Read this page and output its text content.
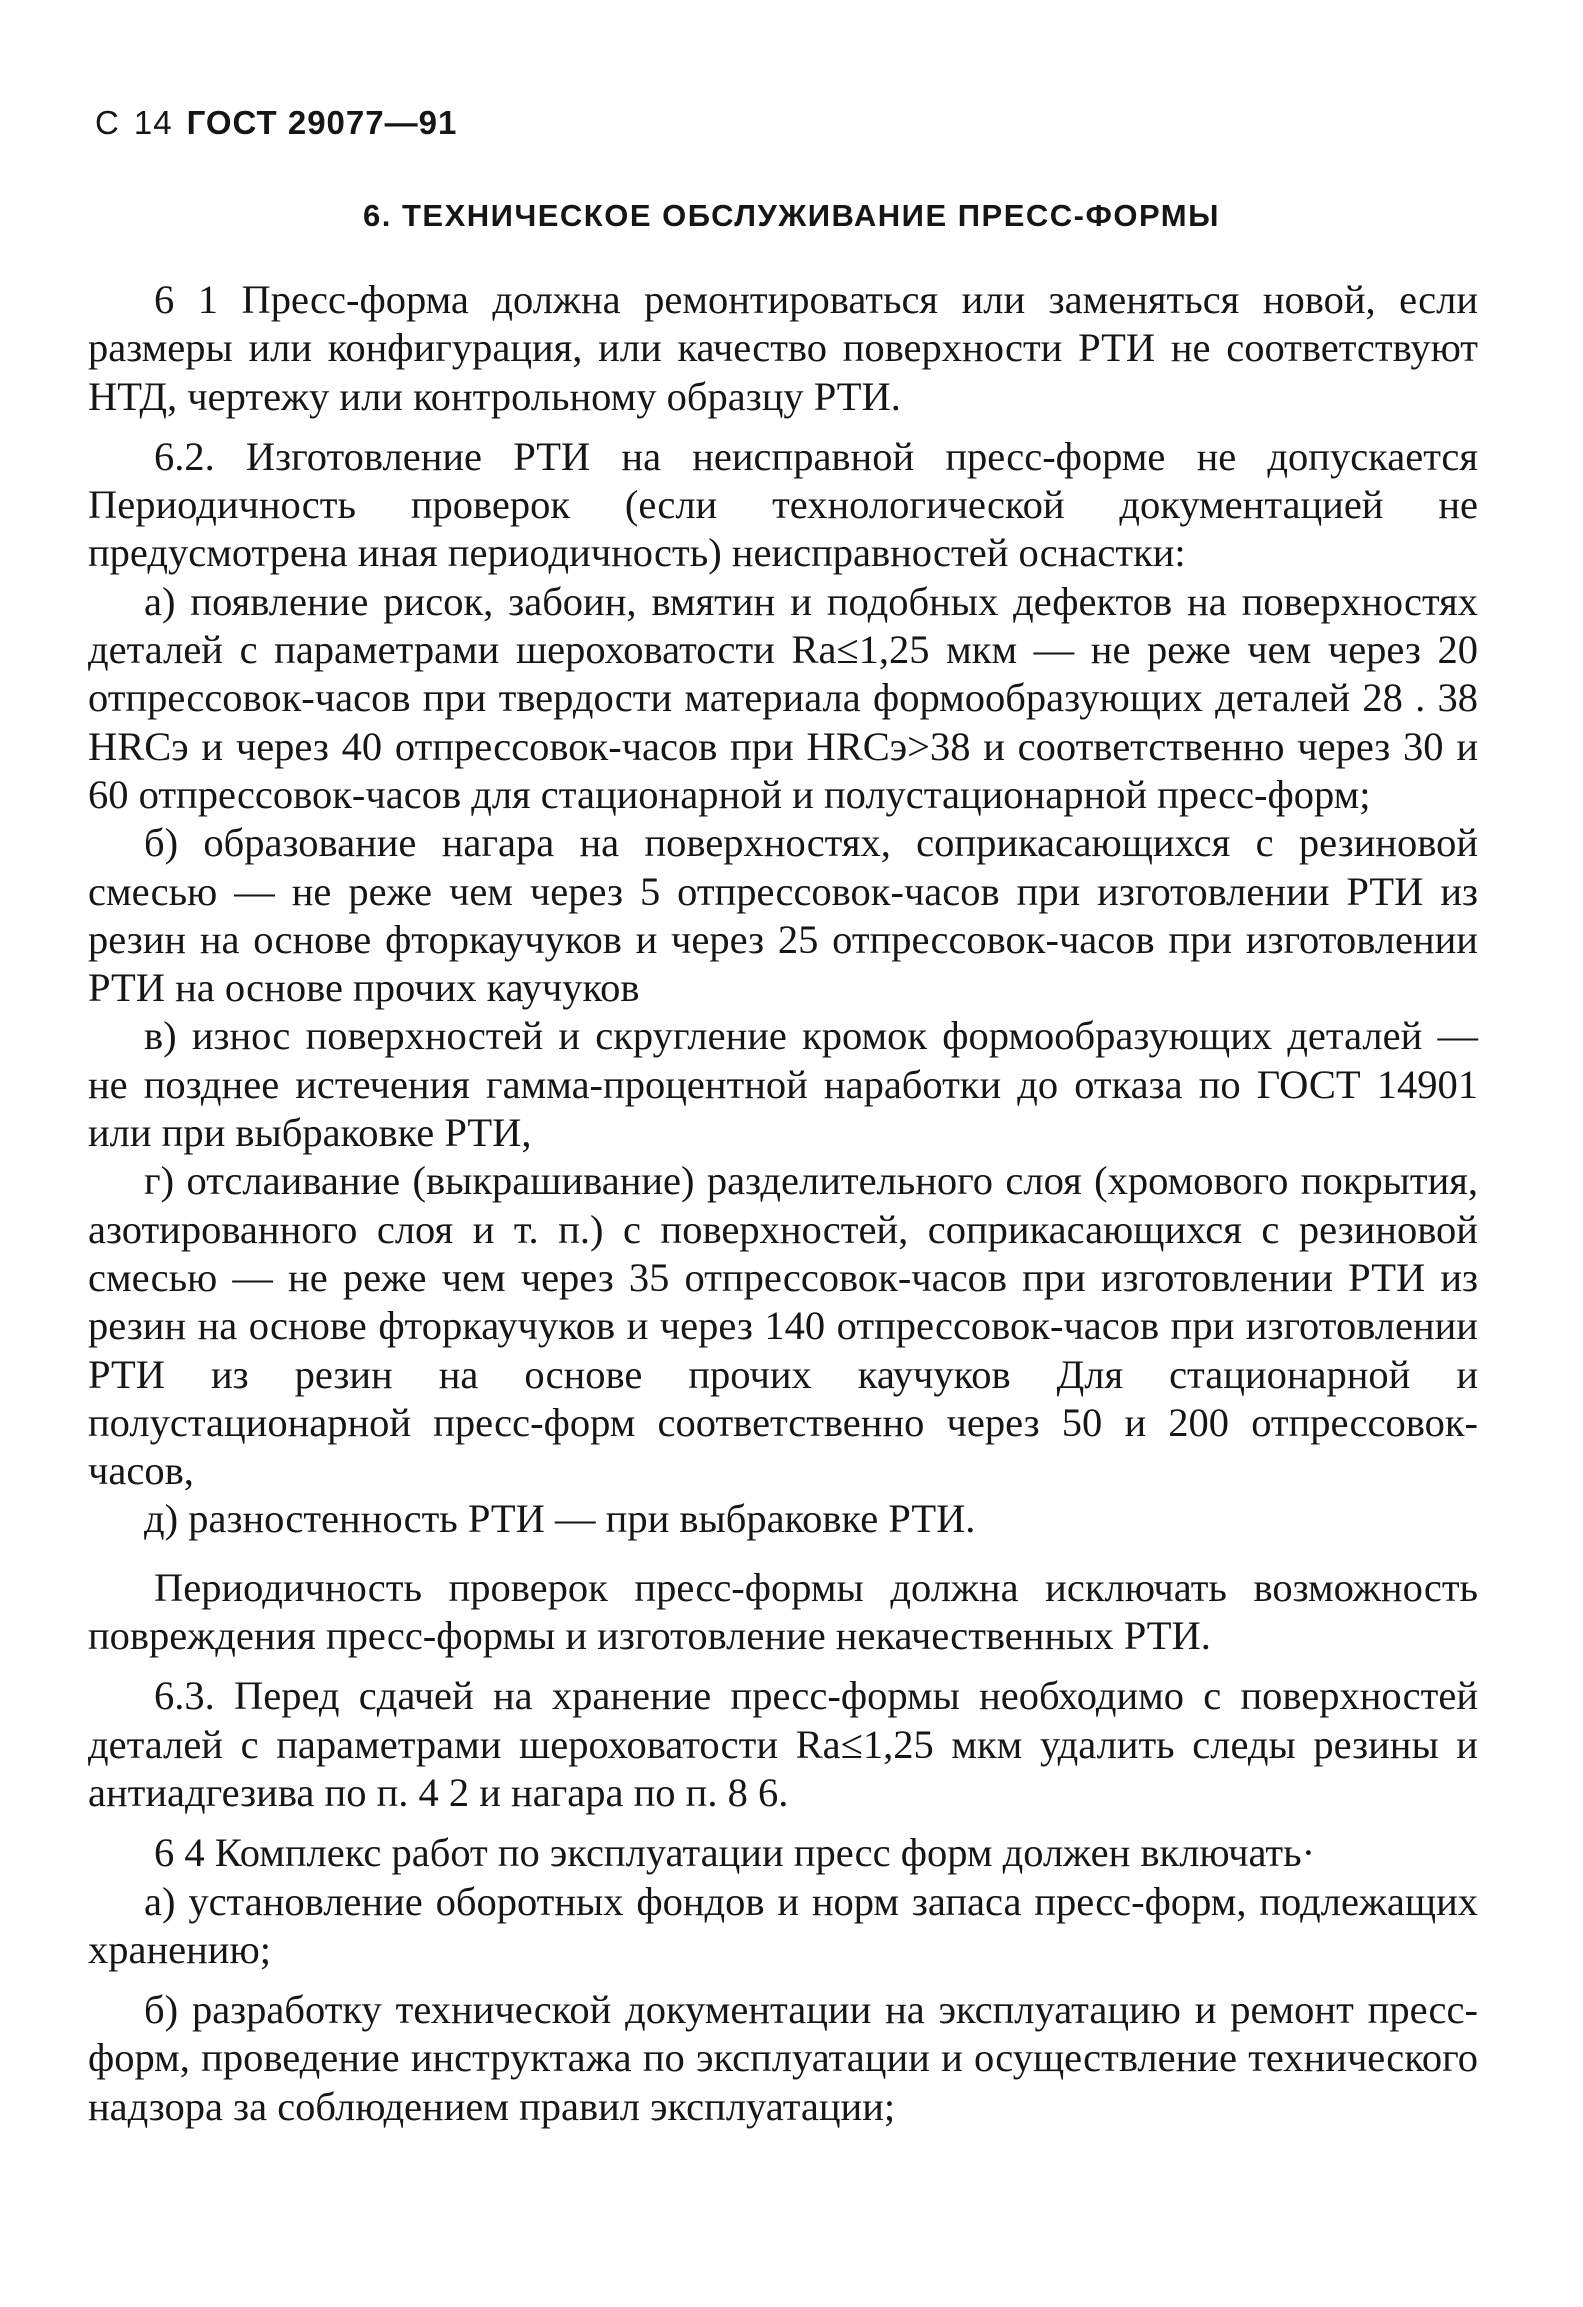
С 14 ГОСТ 29077—91
6. ТЕХНИЧЕСКОЕ ОБСЛУЖИВАНИЕ ПРЕСС-ФОРМЫ

6 1 Пресс-форма должна ремонтироваться или заменяться новой, если размеры или конфигурация, или качество поверхности РТИ не соответствуют НТД, чертежу или контрольному образцу РТИ.

6.2. Изготовление РТИ на неисправной пресс-форме не допускается Периодичность проверок (если технологической документацией не предусмотрена иная периодичность) неисправностей оснастки:

а) появление рисок, забоин, вмятин и подобных дефектов на поверхностях деталей с параметрами шероховатости Ra≤1,25 мкм — не реже чем через 20 отпрессовок-часов при твердости материала формообразующих деталей 28 . 38 HRCэ и через 40 отпрессовок-часов при HRCэ>38 и соответственно через 30 и 60 отпрессовок-часов для стационарной и полустационарной пресс-форм;

б) образование нагара на поверхностях, соприкасающихся с резиновой смесью — не реже чем через 5 отпрессовок-часов при изготовлении РТИ из резин на основе фторкаучуков и через 25 отпрессовок-часов при изготовлении РТИ на основе прочих каучуков

в) износ поверхностей и скругление кромок формообразующих деталей — не позднее истечения гамма-процентной наработки до отказа по ГОСТ 14901 или при выбраковке РТИ,

г) отслаивание (выкрашивание) разделительного слоя (хромового покрытия, азотированного слоя и т. п.) с поверхностей, соприкасающихся с резиновой смесью — не реже чем через 35 отпрессовок-часов при изготовлении РТИ из резин на основе фторкаучуков и через 140 отпрессовок-часов при изготовлении РТИ из резин на основе прочих каучуков Для стационарной и полустационарной пресс-форм соответственно через 50 и 200 отпрессовок-часов,

д) разностенность РТИ — при выбраковке РТИ.

Периодичность проверок пресс-формы должна исключать возможность повреждения пресс-формы и изготовление некачественных РТИ.

6.3. Перед сдачей на хранение пресс-формы необходимо с поверхностей деталей с параметрами шероховатости Ra≤1,25 мкм удалить следы резины и антиадгезива по п. 4 2 и нагара по п. 8 6.

6 4 Комплекс работ по эксплуатации пресс форм должен включать·

а) установление оборотных фондов и норм запаса пресс-форм, подлежащих хранению;

б) разработку технической документации на эксплуатацию и ремонт пресс-форм, проведение инструктажа по эксплуатации и осуществление технического надзора за соблюдением правил эксплуатации;
